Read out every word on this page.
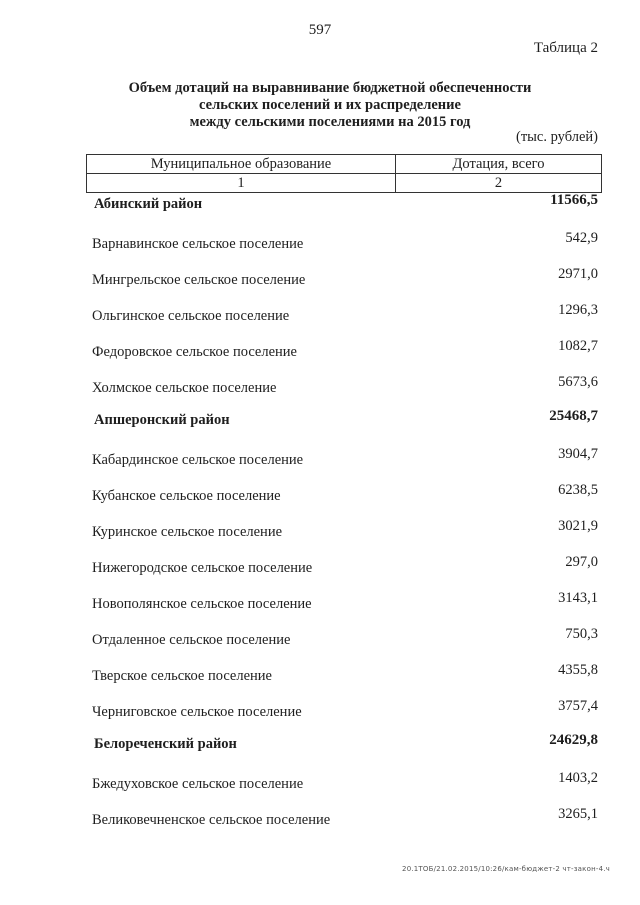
597
Таблица 2
Объем дотаций на выравнивание бюджетной обеспеченности
сельских поселений и их распределение
между сельскими поселениями на 2015 год
(тыс. рублей)
Муниципальное образование	Дотация, всего
1	2
Абинский район	11566,5
Варнавинское сельское поселение	542,9
Мингрельское сельское поселение	2971,0
Ольгинское сельское поселение	1296,3
Федоровское сельское поселение	1082,7
Холмское сельское поселение	5673,6
Апшеронский район	25468,7
Кабардинское сельское поселение	3904,7
Кубанское сельское поселение	6238,5
Куринское сельское поселение	3021,9
Нижегородское сельское поселение	297,0
Новополянское сельское поселение	3143,1
Отдаленное сельское поселение	750,3
Тверское сельское поселение	4355,8
Черниговское сельское поселение	3757,4
Белореченский район	24629,8
Бжедуховское сельское поселение	1403,2
Великовечненское сельское поселение	3265,1
20.1ТОБ/21.02.2015/10:26/кам-бюджет-2 чт-закон-4.ч
